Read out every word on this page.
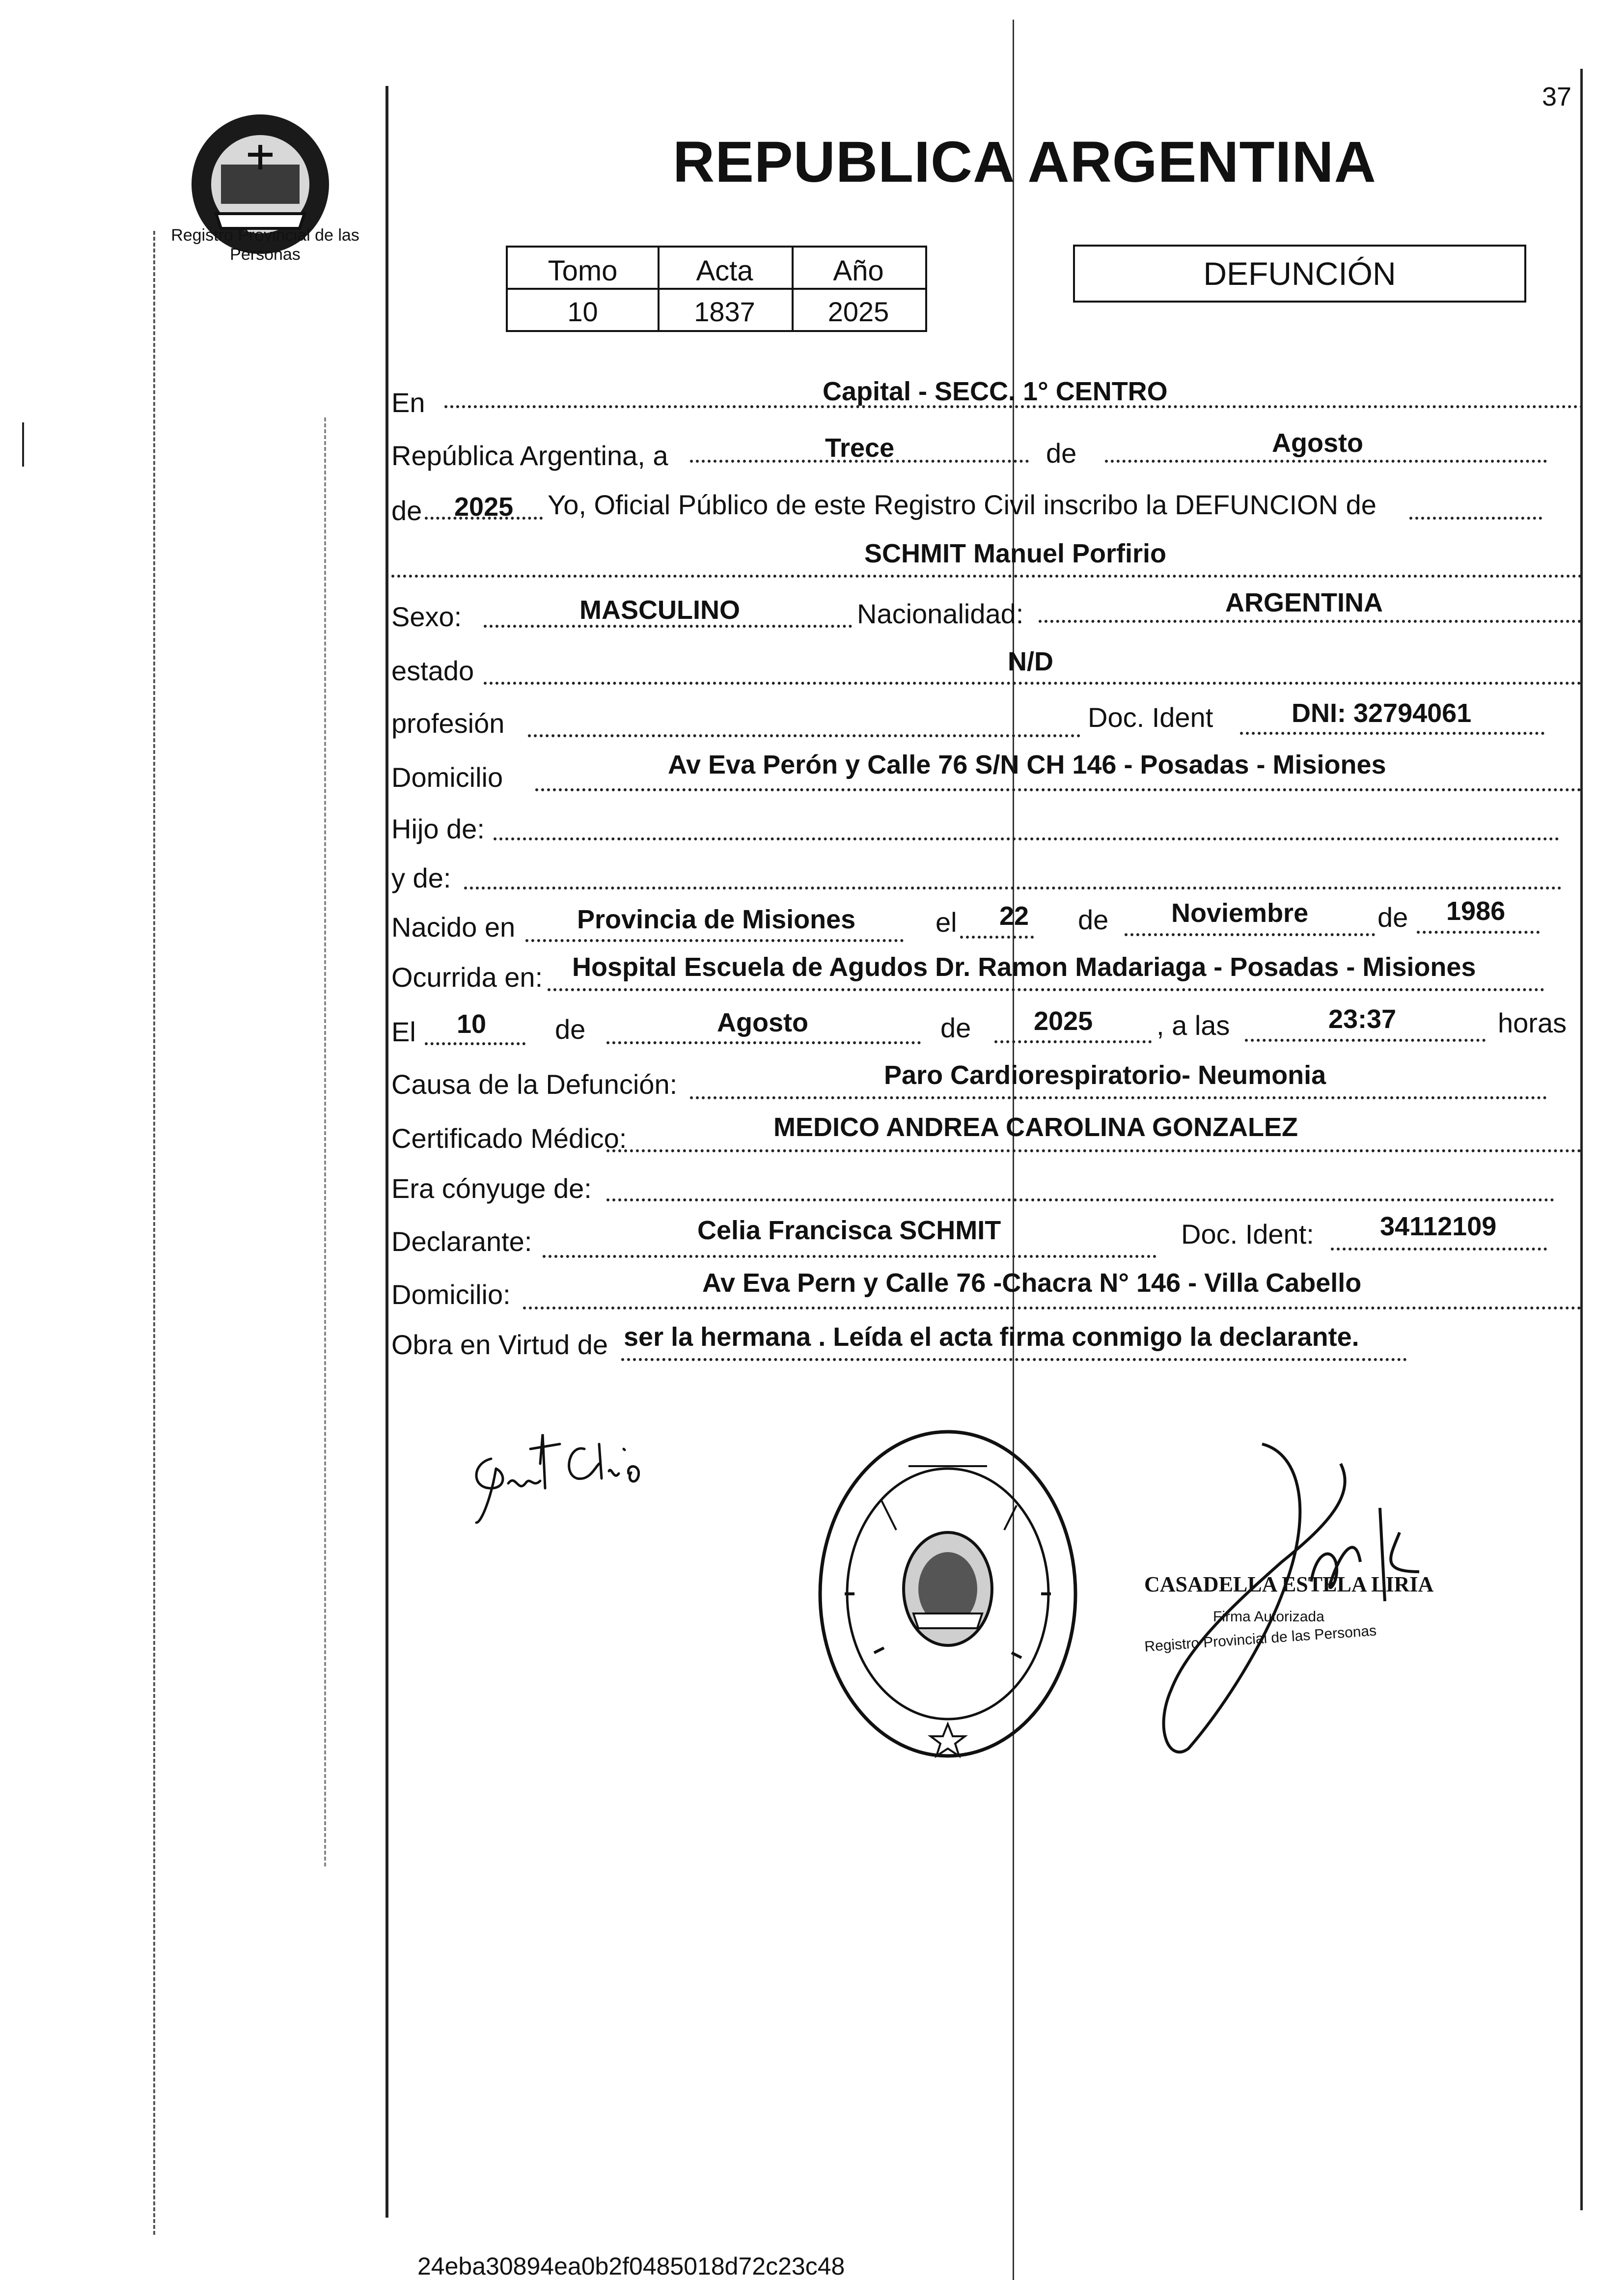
37
Registro Provincial de las Personas
REPUBLICA ARGENTINA
Tomo	Acta	Año
10	1837	2025
DEFUNCIÓN
En	Capital - SECC. 1° CENTRO
República Argentina, a	Trece	de	Agosto
de 2025 Yo, Oficial Público de este Registro Civil inscribo la DEFUNCION de
SCHMIT Manuel Porfirio
Sexo:	MASCULINO	Nacionalidad:	ARGENTINA
estado	N/D
profesión	Doc. Ident	DNI: 32794061
Domicilio	Av Eva Perón y Calle 76 S/N CH 146 - Posadas - Misiones
Hijo de:
y de:
Nacido en Provincia de Misiones	el 22 de Noviembre	de 1986
Ocurrida en: Hospital Escuela de Agudos Dr. Ramon Madariaga - Posadas - Misiones
El 10 de	Agosto	de 2025 , a las	23:37	horas
Causa de la Defunción:	Paro Cardiorespiratorio- Neumonia
Certificado Médico:	MEDICO ANDREA CAROLINA GONZALEZ
Era cónyuge de:
Declarante:	Celia Francisca SCHMIT	Doc. Ident: 34112109
Domicilio:	Av Eva Pern y Calle 76 -Chacra N° 146 - Villa Cabello
Obra en Virtud de ser la hermana . Leída el acta firma conmigo la declarante.
CASADELLA ESTELA LIRIA
Firma Autorizada
Registro Provincial de las Personas
24eba30894ea0b2f0485018d72c23c48
